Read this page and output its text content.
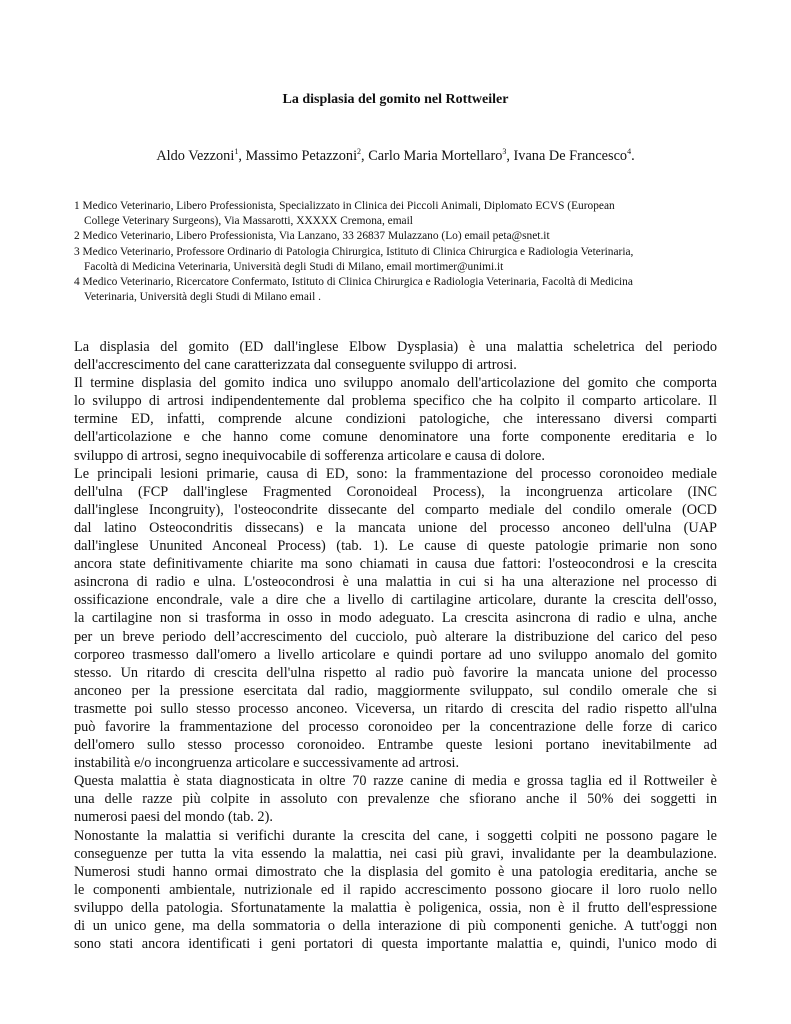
La displasia del gomito nel Rottweiler
Aldo Vezzoni$^1$, Massimo Petazzoni$^2$, Carlo Maria Mortellaro$^3$, Ivana De Francesco$^4$.
1 Medico Veterinario, Libero Professionista, Specializzato in Clinica dei Piccoli Animali, Diplomato ECVS (European
College Veterinary Surgeons), Via Massarotti, XXXXX Cremona, email
2 Medico Veterinario, Libero Professionista, Via Lanzano, 33 26837 Mulazzano (Lo) email peta@snet.it
3 Medico Veterinario, Professore Ordinario di Patologia Chirurgica, Istituto di Clinica Chirurgica e Radiologia Veterinaria,
Facoltà di Medicina Veterinaria, Università degli Studi di Milano, email mortimer@unimi.it
4 Medico Veterinario, Ricercatore Confermato, Istituto di Clinica Chirurgica e Radiologia Veterinaria, Facoltà di Medicina
Veterinaria, Università degli Studi di Milano email .

La displasia del gomito (ED dall'inglese Elbow Dysplasia) è una malattia scheletrica del periodo
dell'accrescimento del cane caratterizzata dal conseguente sviluppo di artrosi.

Il termine displasia del gomito indica uno sviluppo anomalo dell'articolazione del gomito che comporta
lo sviluppo di artrosi indipendentemente dal problema specifico che ha colpito il comparto articolare. Il
termine ED, infatti, comprende alcune condizioni patologiche, che interessano diversi comparti
dell'articolazione e che hanno come comune denominatore una forte componente ereditaria e lo
sviluppo di artrosi, segno inequivocabile di sofferenza articolare e causa di dolore.

Le principali lesioni primarie, causa di ED, sono: la frammentazione del processo coronoideo mediale
dell'ulna (FCP dall'inglese Fragmented Coronoideal Process), la incongruenza articolare (INC
dall'inglese Incongruity), l'osteocondrite dissecante del comparto mediale del condilo omerale (OCD
dal latino Osteocondritis dissecans) e la mancata unione del processo anconeo dell'ulna (UAP
dall'inglese Ununited Anconeal Process) (tab. 1). Le cause di queste patologie primarie non sono
ancora state definitivamente chiarite ma sono chiamati in causa due fattori: l'osteocondrosi e la crescita
asincrona di radio e ulna. L'osteocondrosi è una malattia in cui si ha una alterazione nel processo di
ossificazione encondrale, vale a dire che a livello di cartilagine articolare, durante la crescita dell'osso,
la cartilagine non si trasforma in osso in modo adeguato. La crescita asincrona di radio e ulna, anche
per un breve periodo dell’accrescimento del cucciolo, può alterare la distribuzione del carico del peso
corporeo trasmesso dall'omero a livello articolare e quindi portare ad uno sviluppo anomalo del gomito
stesso. Un ritardo di crescita dell'ulna rispetto al radio può favorire la mancata unione del processo
anconeo per la pressione esercitata dal radio, maggiormente sviluppato, sul condilo omerale che si
trasmette poi sullo stesso processo anconeo. Viceversa, un ritardo di crescita del radio rispetto all'ulna
può favorire la frammentazione del processo coronoideo per la concentrazione delle forze di carico
dell'omero sullo stesso processo coronoideo. Entrambe queste lesioni portano inevitabilmente ad
instabilità e/o incongruenza articolare e successivamente ad artrosi.

Questa malattia è stata diagnosticata in oltre 70 razze canine di media e grossa taglia ed il Rottweiler è
una delle razze più colpite in assoluto con prevalenze che sfiorano anche il 50% dei soggetti in
numerosi paesi del mondo (tab. 2).

Nonostante la malattia si verifichi durante la crescita del cane, i soggetti colpiti ne possono pagare le
conseguenze per tutta la vita essendo la malattia, nei casi più gravi, invalidante per la deambulazione.
Numerosi studi hanno ormai dimostrato che la displasia del gomito è una patologia ereditaria, anche se
le componenti ambientale, nutrizionale ed il rapido accrescimento possono giocare il loro ruolo nello
sviluppo della patologia. Sfortunatamente la malattia è poligenica, ossia, non è il frutto dell'espressione
di un unico gene, ma della sommatoria o della interazione di più componenti geniche. A tutt'oggi non
sono stati ancora identificati i geni portatori di questa importante malattia e, quindi, l'unico modo di
